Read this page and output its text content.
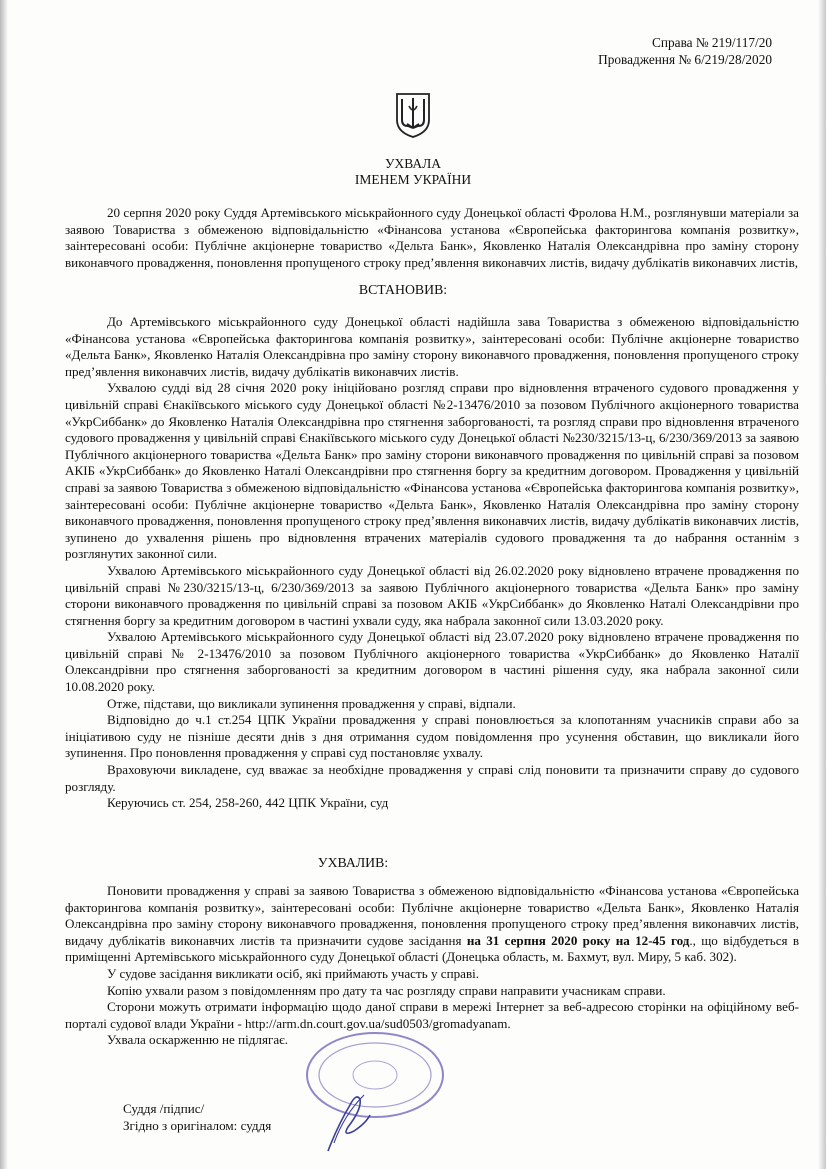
Справа № 219/117/20
Провадження № 6/219/28/2020
УХВАЛА
ІМЕНЕМ УКРАЇНИ

20 серпня 2020 року Суддя Артемівського міськрайонного суду Донецької області Фролова Н.М., розглянувши матеріали за заявою Товариства з обмеженою відповідальністю «Фінансова установа «Європейська факторингова компанія розвитку», заінтересовані особи: Публічне акціонерне товариство «Дельта Банк», Яковленко Наталія Олександрівна про заміну сторону виконавчого провадження, поновлення пропущеного строку пред’явлення виконавчих листів, видачу дублікатів виконавчих листів,

ВСТАНОВИВ:

До Артемівського міськрайонного суду Донецької області надійшла зава Товариства з обмеженою відповідальністю «Фінансова установа «Європейська факторингова компанія розвитку», заінтересовані особи: Публічне акціонерне товариство «Дельта Банк», Яковленко Наталія Олександрівна про заміну сторону виконавчого провадження, поновлення пропущеного строку пред’явлення виконавчих листів, видачу дублікатів виконавчих листів.

Ухвалою судді від 28 січня 2020 року ініційовано розгляд справи про відновлення втраченого судового провадження у цивільній справі Єнакіївського міського суду Донецької області №2-13476/2010 за позовом Публічного акціонерного товариства «УкрСиббанк» до Яковленко Наталія Олександрівна про стягнення заборгованості, та розгляд справи про відновлення втраченого судового провадження у цивільній справі Єнакіївського міського суду Донецької області №230/3215/13-ц, 6/230/369/2013 за заявою Публічного акціонерного товариства «Дельта Банк» про заміну сторони виконавчого провадження по цивільній справі за позовом АКІБ «УкрСиббанк» до Яковленко Наталі Олександрівни про стягнення боргу за кредитним договором. Провадження у цивільній справі за заявою Товариства з обмеженою відповідальністю «Фінансова установа «Європейська факторингова компанія розвитку», заінтересовані особи: Публічне акціонерне товариство «Дельта Банк», Яковленко Наталія Олександрівна про заміну сторону виконавчого провадження, поновлення пропущеного строку пред’явлення виконавчих листів, видачу дублікатів виконавчих листів, зупинено до ухвалення рішень про відновлення втрачених матеріалів судового провадження та до набрання останнім з розглянутих законної сили.

Ухвалою Артемівського міськрайонного суду Донецької області від 26.02.2020 року відновлено втрачене провадження по цивільній справі №230/3215/13-ц, 6/230/369/2013 за заявою Публічного акціонерного товариства «Дельта Банк» про заміну сторони виконавчого провадження по цивільній справі за позовом АКІБ «УкрСиббанк» до Яковленко Наталі Олександрівни про стягнення боргу за кредитним договором в частині ухвали суду, яка набрала законної сили 13.03.2020 року.

Ухвалою Артемівського міськрайонного суду Донецької області від 23.07.2020 року відновлено втрачене провадження по цивільній справі № 2-13476/2010 за позовом Публічного акціонерного товариства «УкрСиббанк» до Яковленко Наталії Олександрівни про стягнення заборгованості за кредитним договором в частині рішення суду, яка набрала законної сили 10.08.2020 року.

Отже, підстави, що викликали зупинення провадження у справі, відпали.

Відповідно до ч.1 ст.254 ЦПК України провадження у справі поновлюється за клопотанням учасників справи або за ініціативою суду не пізніше десяти днів з дня отримання судом повідомлення про усунення обставин, що викликали його зупинення. Про поновлення провадження у справі суд постановляє ухвалу.

Враховуючи викладене, суд вважає за необхідне провадження у справі слід поновити та призначити справу до судового розгляду.

Керуючись ст. 254, 258-260, 442 ЦПК України, суд

УХВАЛИВ:

Поновити провадження у справі за заявою Товариства з обмеженою відповідальністю «Фінансова установа «Європейська факторингова компанія розвитку», заінтересовані особи: Публічне акціонерне товариство «Дельта Банк», Яковленко Наталія Олександрівна про заміну сторону виконавчого провадження, поновлення пропущеного строку пред’явлення виконавчих листів, видачу дублікатів виконавчих листів та призначити судове засідання на 31 серпня 2020 року на 12-45 год., що відбудеться в приміщенні Артемівського міськрайонного суду Донецької області (Донецька область, м. Бахмут, вул. Миру, 5 каб. 302).

У судове засідання викликати осіб, які приймають участь у справі.

Копію ухвали разом з повідомленням про дату та час розгляду справи направити учасникам справи.

Сторони можуть отримати інформацію щодо даної справи в мережі Інтернет за веб-адресою сторінки на офіційному веб-порталі судової влади України - http://arm.dn.court.gov.ua/sud0503/gromadyanam.

Ухвала оскарженню не підлягає.

Суддя /підпис/
Згідно з оригіналом: суддя
